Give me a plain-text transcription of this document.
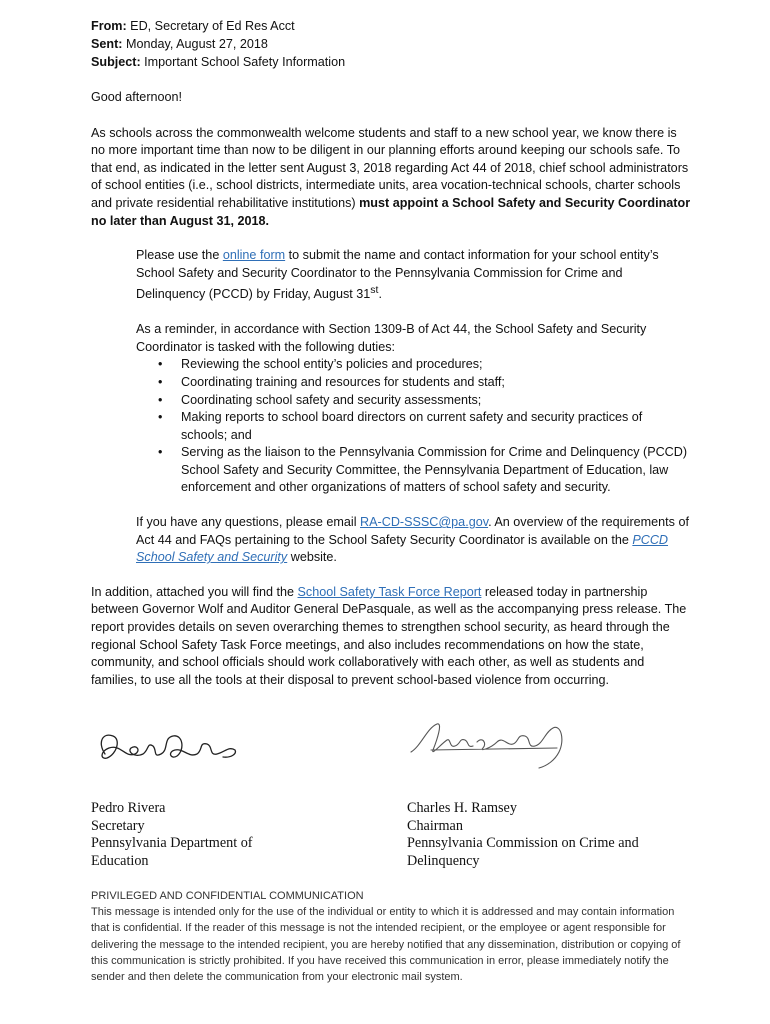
From: ED, Secretary of Ed Res Acct

Sent: Monday, August 27, 2018

Subject: Important School Safety Information

Good afternoon!

As schools across the commonwealth welcome students and staff to a new school year, we know there is no more important time than now to be diligent in our planning efforts around keeping our schools safe. To that end, as indicated in the letter sent August 3, 2018 regarding Act 44 of 2018, chief school administrators of school entities (i.e., school districts, intermediate units, area vocation-technical schools, charter schools and private residential rehabilitative institutions) must appoint a School Safety and Security Coordinator no later than August 31, 2018.

Please use the online form to submit the name and contact information for your school entity’s School Safety and Security Coordinator to the Pennsylvania Commission for Crime and Delinquency (PCCD) by Friday, August 31st.

As a reminder, in accordance with Section 1309-B of Act 44, the School Safety and Security Coordinator is tasked with the following duties:

• Reviewing the school entity’s policies and procedures;
• Coordinating training and resources for students and staff;
• Coordinating school safety and security assessments;
• Making reports to school board directors on current safety and security practices of schools; and
• Serving as the liaison to the Pennsylvania Commission for Crime and Delinquency (PCCD) School Safety and Security Committee, the Pennsylvania Department of Education, law enforcement and other organizations of matters of school safety and security.

If you have any questions, please email RA-CD-SSSC@pa.gov. An overview of the requirements of Act 44 and FAQs pertaining to the School Safety Security Coordinator is available on the PCCD School Safety and Security website.

In addition, attached you will find the School Safety Task Force Report released today in partnership between Governor Wolf and Auditor General DePasquale, as well as the accompanying press release. The report provides details on seven overarching themes to strengthen school security, as heard through the regional School Safety Task Force meetings, and also includes recommendations on how the state, community, and school officials should work collaboratively with each other, as well as students and families, to use all the tools at their disposal to prevent school-based violence from occurring.

Pedro Rivera
Secretary
Pennsylvania Department of Education
Charles H. Ramsey
Chairman
Pennsylvania Commission on Crime and Delinquency
PRIVILEGED AND CONFIDENTIAL COMMUNICATION
This message is intended only for the use of the individual or entity to which it is addressed and may contain information that is confidential. If the reader of this message is not the intended recipient, or the employee or agent responsible for delivering the message to the intended recipient, you are hereby notified that any dissemination, distribution or copying of this communication is strictly prohibited. If you have received this communication in error, please immediately notify the sender and then delete the communication from your electronic mail system.
